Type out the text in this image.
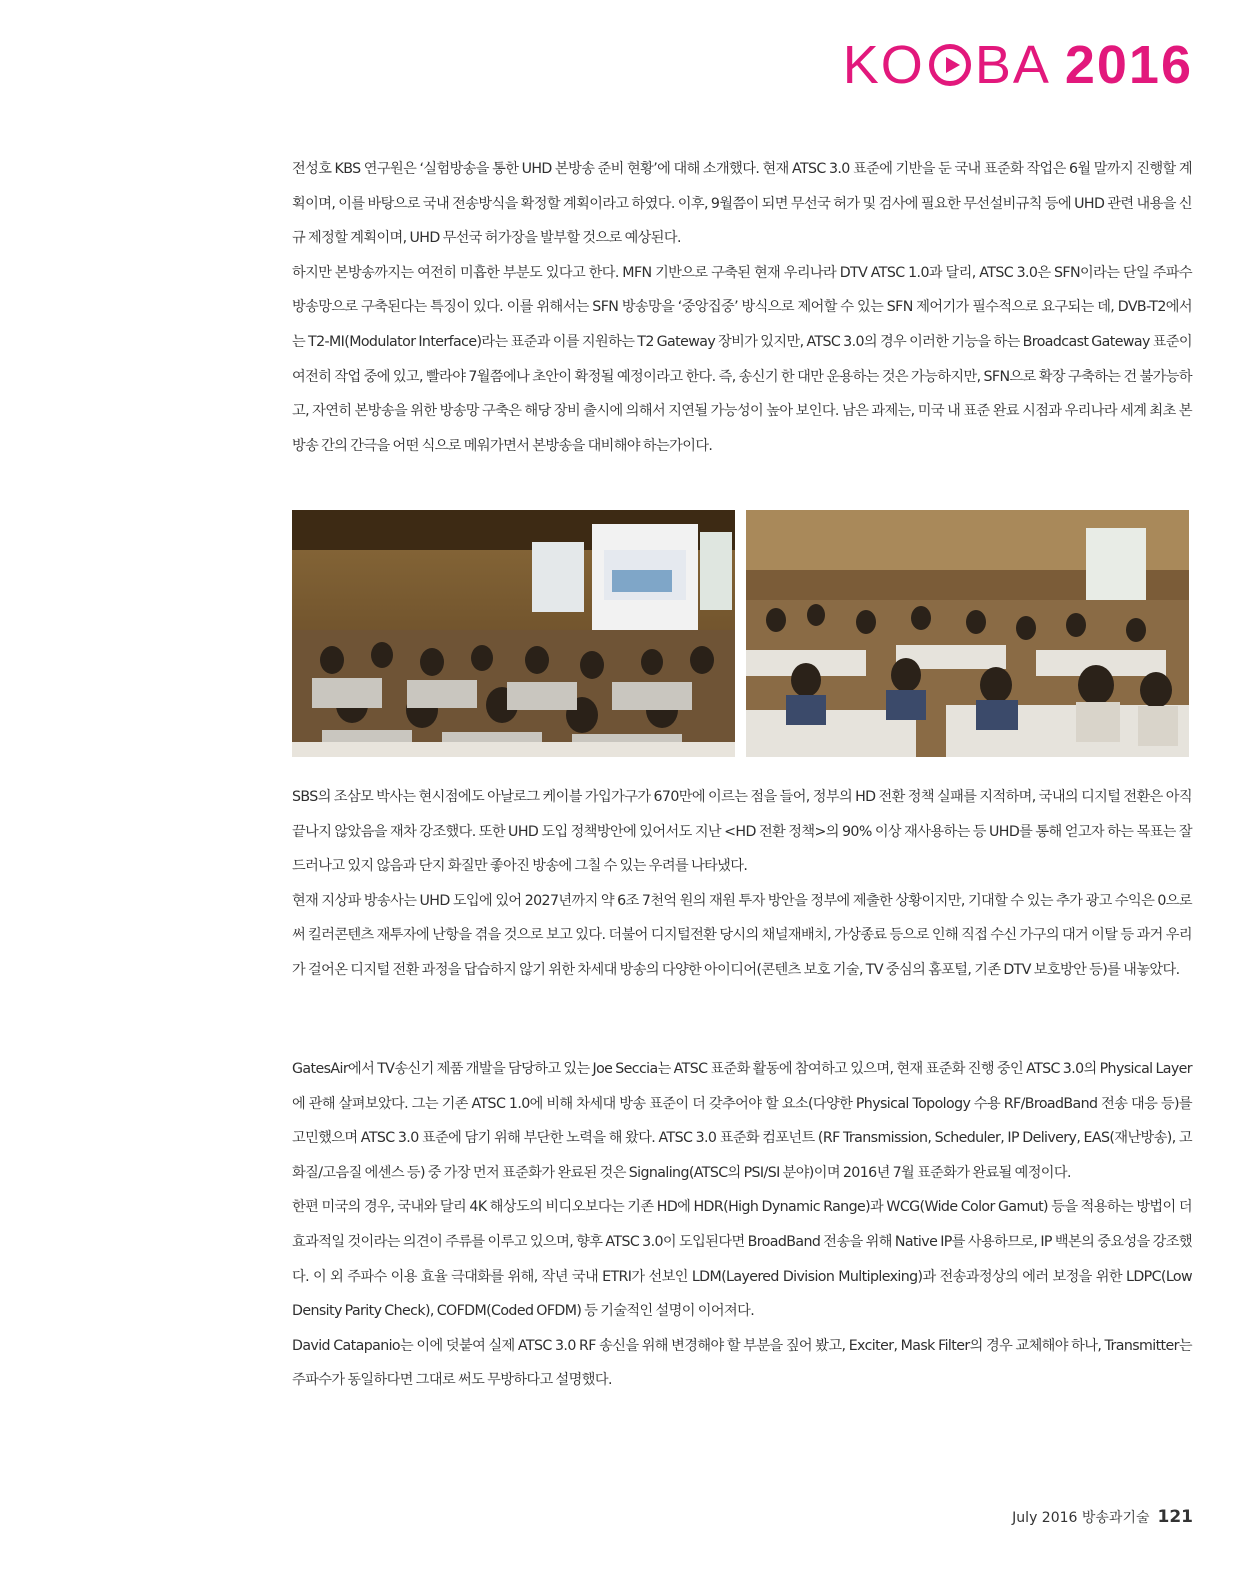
KO BA 2016

전성호 KBS 연구원은 ‘실험방송을 통한 UHD 본방송 준비 현황’에 대해 소개했다. 현재 ATSC 3.0 표준에 기반을 둔 국내 표준화 작업은 6월 말까지 진행할 계획이며, 이를 바탕으로 국내 전송방식을 확정할 계획이라고 하였다. 이후, 9월쯤이 되면 무선국 허가 및 검사에 필요한 무선설비규칙 등에 UHD 관련 내용을 신규 제정할 계획이며, UHD 무선국 허가장을 발부할 것으로 예상된다.

하지만 본방송까지는 여전히 미흡한 부분도 있다고 한다. MFN 기반으로 구축된 현재 우리나라 DTV ATSC 1.0과 달리, ATSC 3.0은 SFN이라는 단일 주파수 방송망으로 구축된다는 특징이 있다. 이를 위해서는 SFN 방송망을 ‘중앙집중’ 방식으로 제어할 수 있는 SFN 제어기가 필수적으로 요구되는 데, DVB-T2에서는 T2-MI(Modulator Interface)라는 표준과 이를 지원하는 T2 Gateway 장비가 있지만, ATSC 3.0의 경우 이러한 기능을 하는 Broadcast Gateway 표준이 여전히 작업 중에 있고, 빨라야 7월쯤에나 초안이 확정될 예정이라고 한다. 즉, 송신기 한 대만 운용하는 것은 가능하지만, SFN으로 확장 구축하는 건 불가능하고, 자연히 본방송을 위한 방송망 구축은 해당 장비 출시에 의해서 지연될 가능성이 높아 보인다. 남은 과제는, 미국 내 표준 완료 시점과 우리나라 세계 최초 본방송 간의 간극을 어떤 식으로 메워가면서 본방송을 대비해야 하는가이다.

SBS의 조삼모 박사는 현시점에도 아날로그 케이블 가입가구가 670만에 이르는 점을 들어, 정부의 HD 전환 정책 실패를 지적하며, 국내의 디지털 전환은 아직 끝나지 않았음을 재차 강조했다. 또한 UHD 도입 정책방안에 있어서도 지난 <HD 전환 정책>의 90% 이상 재사용하는 등 UHD를 통해 얻고자 하는 목표는 잘 드러나고 있지 않음과 단지 화질만 좋아진 방송에 그칠 수 있는 우려를 나타냈다.

현재 지상파 방송사는 UHD 도입에 있어 2027년까지 약 6조 7천억 원의 재원 투자 방안을 정부에 제출한 상황이지만, 기대할 수 있는 추가 광고 수익은 0으로써 킬러콘텐츠 재투자에 난항을 겪을 것으로 보고 있다. 더불어 디지털전환 당시의 채널재배치, 가상종료 등으로 인해 직접 수신 가구의 대거 이탈 등 과거 우리가 걸어온 디지털 전환 과정을 답습하지 않기 위한 차세대 방송의 다양한 아이디어(콘텐츠 보호 기술, TV 중심의 홈포털, 기존 DTV 보호방안 등)를 내놓았다.

GatesAir에서 TV송신기 제품 개발을 담당하고 있는 Joe Seccia는 ATSC 표준화 활동에 참여하고 있으며, 현재 표준화 진행 중인 ATSC 3.0의 Physical Layer에 관해 살펴보았다. 그는 기존 ATSC 1.0에 비해 차세대 방송 표준이 더 갖추어야 할 요소(다양한 Physical Topology 수용 RF/BroadBand 전송 대응 등)를 고민했으며 ATSC 3.0 표준에 담기 위해 부단한 노력을 해 왔다. ATSC 3.0 표준화 컴포넌트 (RF Transmission, Scheduler, IP Delivery, EAS(재난방송), 고화질/고음질 에센스 등) 중 가장 먼저 표준화가 완료된 것은 Signaling(ATSC의 PSI/SI 분야)이며 2016년 7월 표준화가 완료될 예정이다.

한편 미국의 경우, 국내와 달리 4K 해상도의 비디오보다는 기존 HD에 HDR(High Dynamic Range)과 WCG(Wide Color Gamut) 등을 적용하는 방법이 더 효과적일 것이라는 의견이 주류를 이루고 있으며, 향후 ATSC 3.0이 도입된다면 BroadBand 전송을 위해 Native IP를 사용하므로, IP 백본의 중요성을 강조했다. 이 외 주파수 이용 효율 극대화를 위해, 작년 국내 ETRI가 선보인 LDM(Layered Division Multiplexing)과 전송과정상의 에러 보정을 위한 LDPC(Low Density Parity Check), COFDM(Coded OFDM) 등 기술적인 설명이 이어져다.

David Catapanio는 이에 덧붙여 실제 ATSC 3.0 RF 송신을 위해 변경해야 할 부분을 짚어 봤고, Exciter, Mask Filter의 경우 교체해야 하나, Transmitter는 주파수가 동일하다면 그대로 써도 무방하다고 설명했다.

July 2016 방송과기술 121
